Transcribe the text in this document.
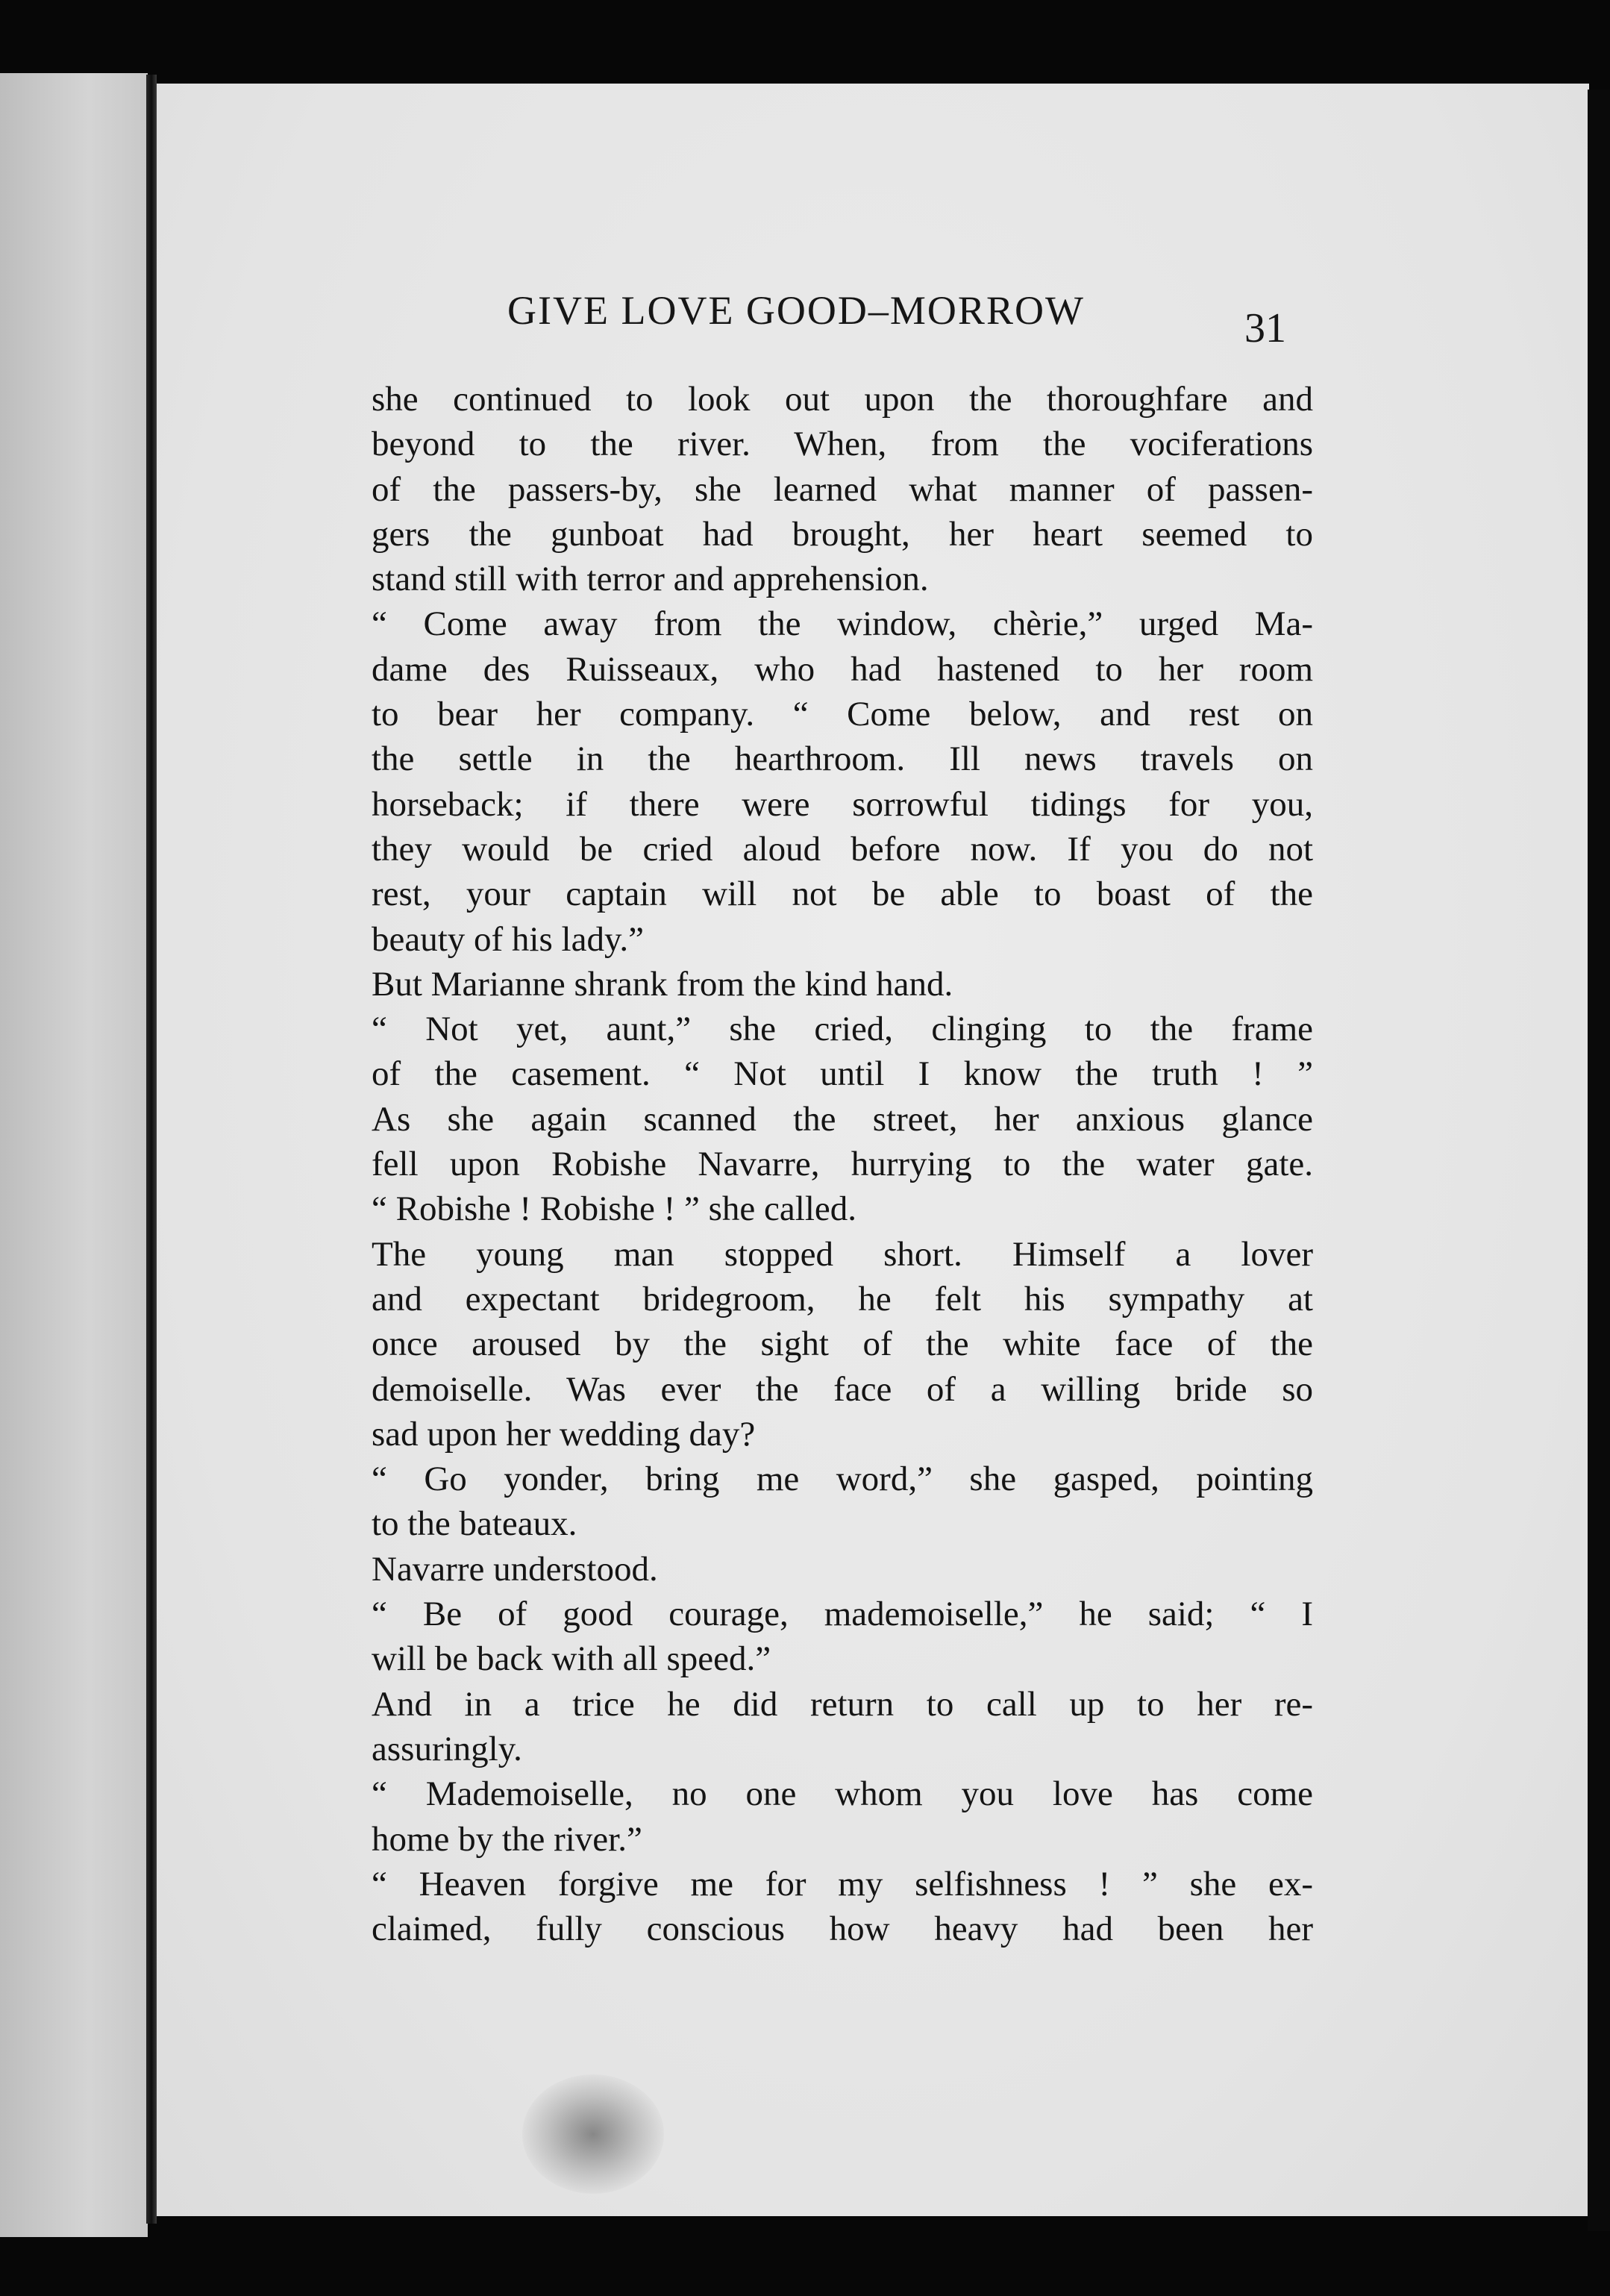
GIVE LOVE GOOD–MORROW	31
she continued to look out upon the thoroughfare and
beyond to the river. When, from the vociferations
of the passers-by, she learned what manner of passen-
gers the gunboat had brought, her heart seemed to
stand still with terror and apprehension.
“ Come away from the window, chèrie,” urged Ma-
dame des Ruisseaux, who had hastened to her room
to bear her company. “ Come below, and rest on
the settle in the hearthroom. Ill news travels on
horseback; if there were sorrowful tidings for you,
they would be cried aloud before now. If you do not
rest, your captain will not be able to boast of the
beauty of his lady.”
But Marianne shrank from the kind hand.
“ Not yet, aunt,” she cried, clinging to the frame
of the casement. “ Not until I know the truth ! ”
As she again scanned the street, her anxious glance
fell upon Robishe Navarre, hurrying to the water gate.
“ Robishe ! Robishe ! ” she called.
The young man stopped short. Himself a lover
and expectant bridegroom, he felt his sympathy at
once aroused by the sight of the white face of the
demoiselle. Was ever the face of a willing bride so
sad upon her wedding day?
“ Go yonder, bring me word,” she gasped, pointing
to the bateaux.
Navarre understood.
“ Be of good courage, mademoiselle,” he said; “ I
will be back with all speed.”
And in a trice he did return to call up to her re-
assuringly.
“ Mademoiselle, no one whom you love has come
home by the river.”
“ Heaven forgive me for my selfishness ! ” she ex-
claimed, fully conscious how heavy had been her
